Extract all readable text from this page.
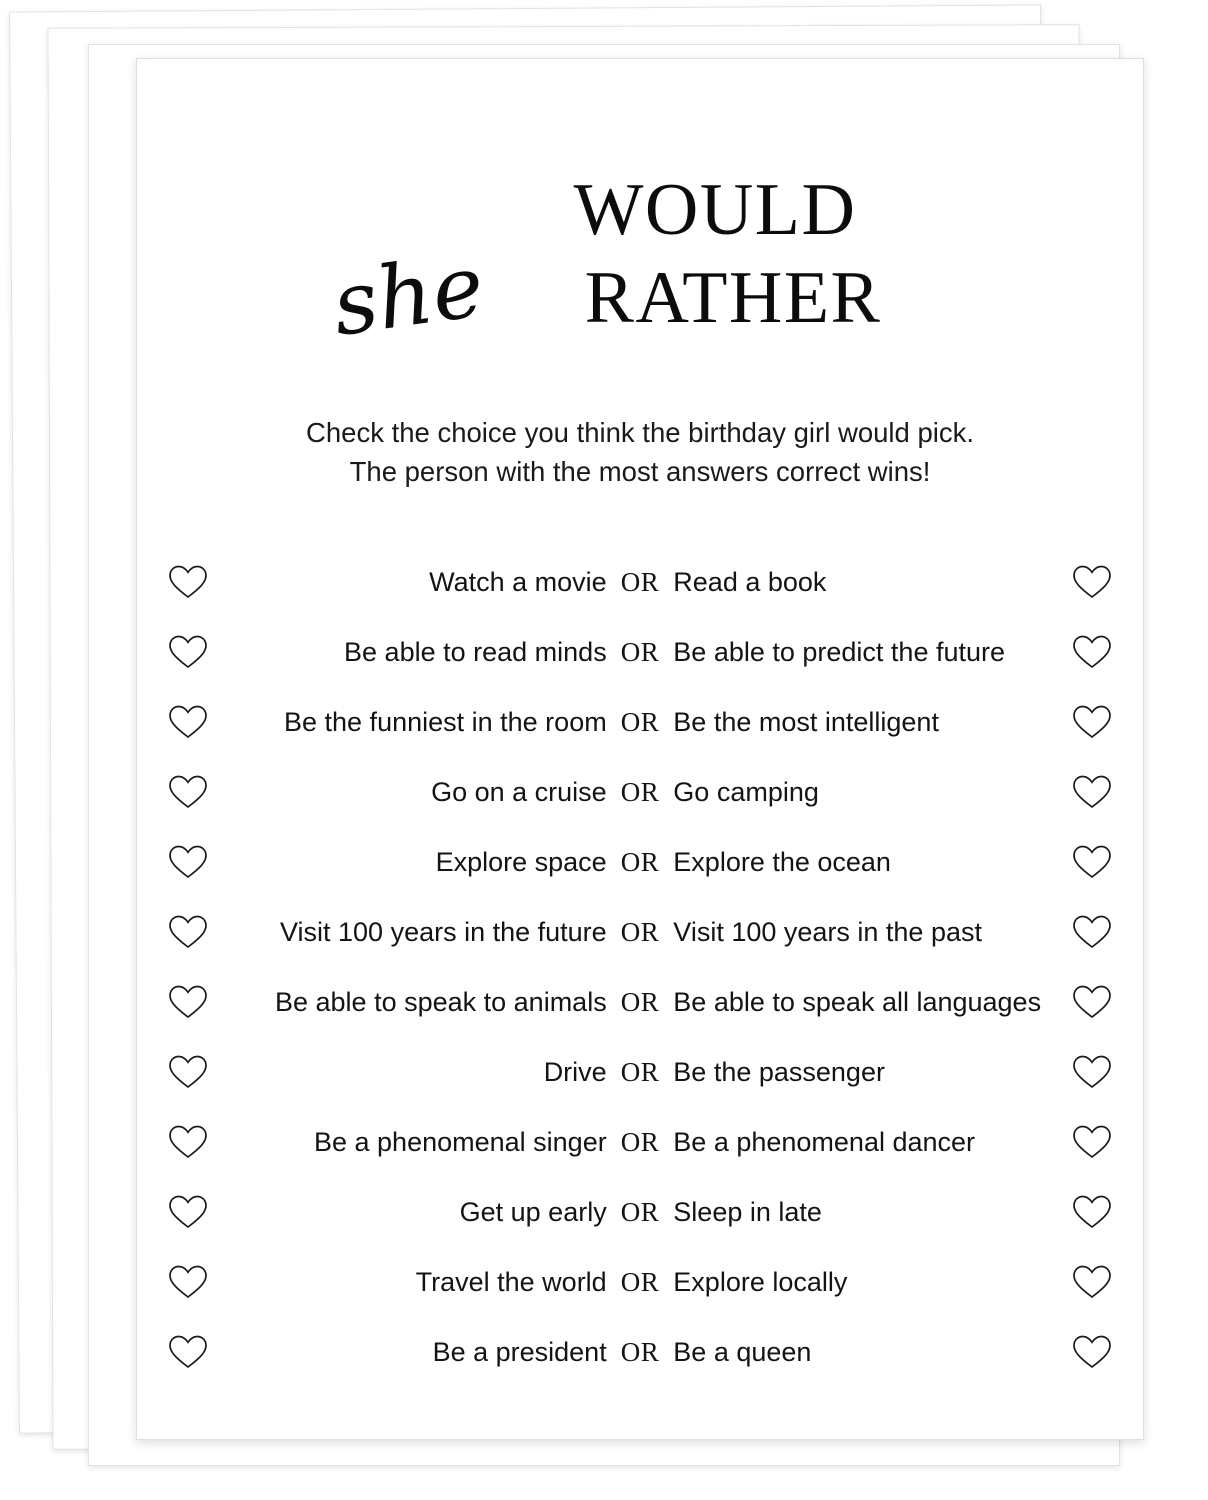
WOULD
she	RATHER
Check the choice you think the birthday girl would pick.
The person with the most answers correct wins!
Watch a movie OR Read a book
Be able to read minds OR Be able to predict the future
Be the funniest in the room OR Be the most intelligent
Go on a cruise OR Go camping
Explore space OR Explore the ocean
Visit 100 years in the future OR Visit 100 years in the past
Be able to speak to animals OR Be able to speak all languages
Drive OR Be the passenger
Be a phenomenal singer OR Be a phenomenal dancer
Get up early OR Sleep in late
Travel the world OR Explore locally
Be a president OR Be a queen
